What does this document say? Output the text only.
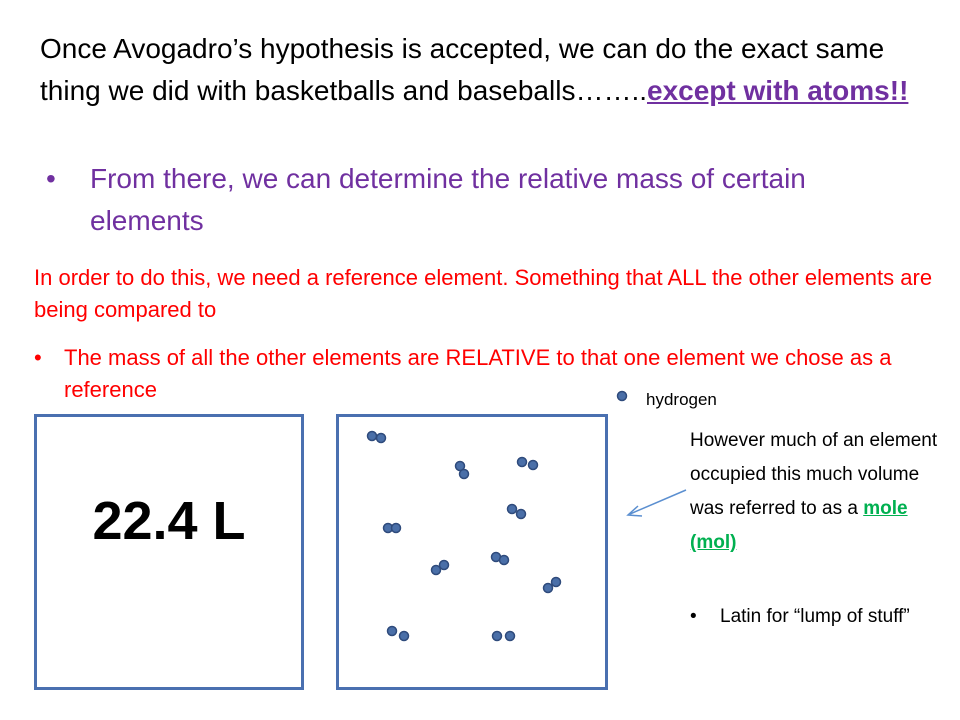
Once Avogadro’s hypothesis is accepted, we can do the exact same thing we did with basketballs and baseballs……..except with atoms!!
• From there, we can determine the relative mass of certain elements
In order to do this, we need a reference element. Something that ALL the other elements are being compared to
• The mass of all the other elements are RELATIVE to that one element we chose as a reference
22.4 L
hydrogen
However much of an element occupied this much volume was referred to as a mole (mol)
• Latin for “lump of stuff”
